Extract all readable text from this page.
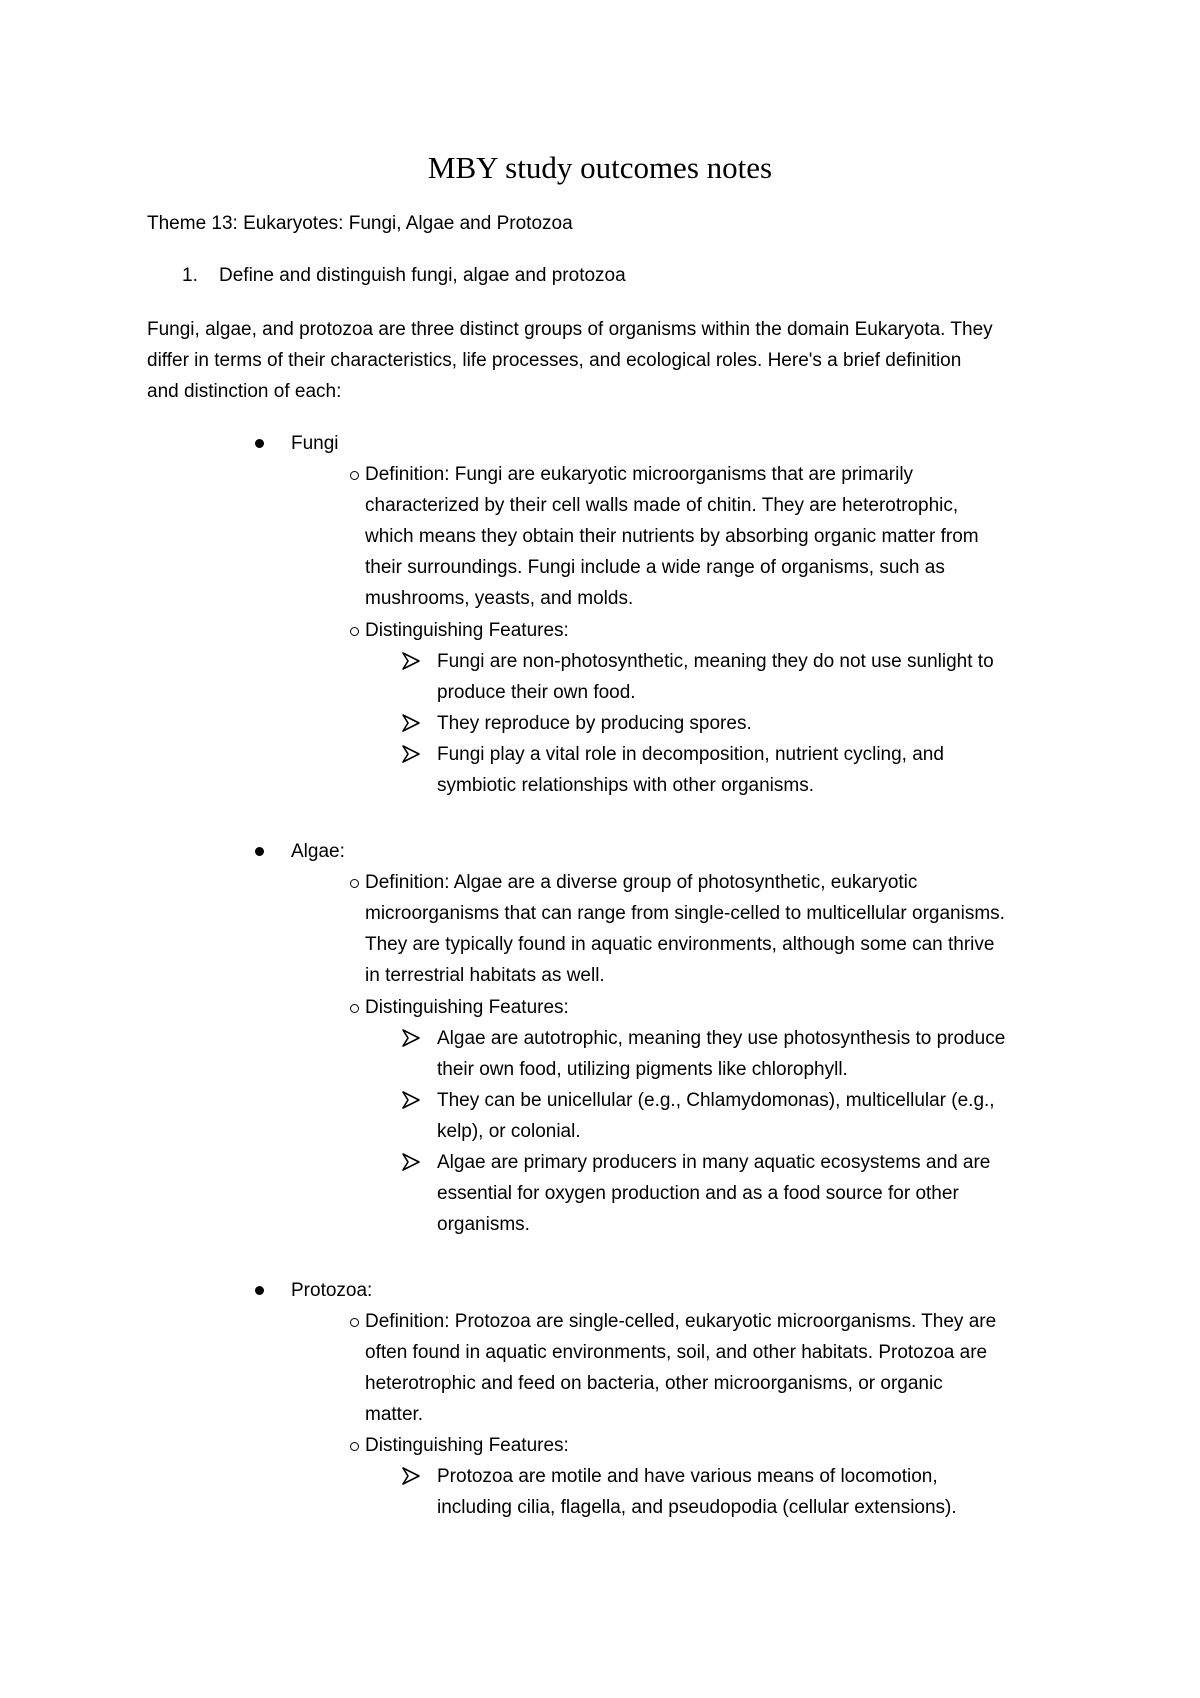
MBY study outcomes notes
Theme 13: Eukaryotes: Fungi, Algae and Protozoa
1. Define and distinguish fungi, algae and protozoa
Fungi, algae, and protozoa are three distinct groups of organisms within the domain Eukaryota. They
differ in terms of their characteristics, life processes, and ecological roles. Here's a brief definition
and distinction of each:
Fungi
Definition: Fungi are eukaryotic microorganisms that are primarily
characterized by their cell walls made of chitin. They are heterotrophic,
which means they obtain their nutrients by absorbing organic matter from
their surroundings. Fungi include a wide range of organisms, such as
mushrooms, yeasts, and molds.
Distinguishing Features:
Fungi are non-photosynthetic, meaning they do not use sunlight to
produce their own food.
They reproduce by producing spores.
Fungi play a vital role in decomposition, nutrient cycling, and
symbiotic relationships with other organisms.
Algae:
Definition: Algae are a diverse group of photosynthetic, eukaryotic
microorganisms that can range from single-celled to multicellular organisms.
They are typically found in aquatic environments, although some can thrive
in terrestrial habitats as well.
Distinguishing Features:
Algae are autotrophic, meaning they use photosynthesis to produce
their own food, utilizing pigments like chlorophyll.
They can be unicellular (e.g., Chlamydomonas), multicellular (e.g.,
kelp), or colonial.
Algae are primary producers in many aquatic ecosystems and are
essential for oxygen production and as a food source for other
organisms.
Protozoa:
Definition: Protozoa are single-celled, eukaryotic microorganisms. They are
often found in aquatic environments, soil, and other habitats. Protozoa are
heterotrophic and feed on bacteria, other microorganisms, or organic
matter.
Distinguishing Features:
Protozoa are motile and have various means of locomotion,
including cilia, flagella, and pseudopodia (cellular extensions).
